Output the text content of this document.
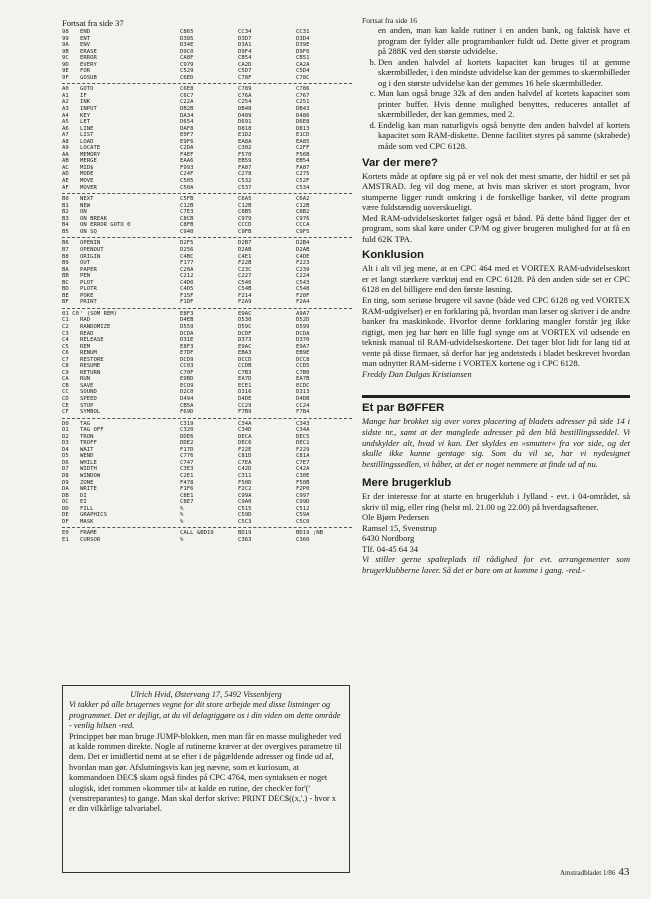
Fortsat fra side 37
98	END	C865	CC34	CC31
99	ENT	D385	D3D7	D3D4
9A	ENV	D34E	D3A1	D39E
9B	ERASE	D9C0	D9F4	D9F0
9C	ERROR	CA8F	CB54	CB51
9D	EVERY	C979	CA2D	CA2A
9E	FOR	C529	C5D7	C5D4
9F	GOSUB	C6ED	C78F	C78C
A0	GOTO	C6E8	C789	C786
A1	IF	C6C7	C76A	C767
A2	INK	C22A	C254	C251
A3	INPUT	DB2B	DB48	DB43
A4	KEY	DA34	D489	D486
A5	LET	D654	D691	D6E8
A6	LINE	DAF8	D818	D813
A7	LIST	E0F7	E1D2	E1CD
A8	LOAD	E9F6	EA8A	EA85
A9	LOCATE	C2DA	C302	C2FF
AA	MEMORY	F4EF	F570	F56B
AB	MERGE	EAA6	EB59	EB54
AC	MID$	F993	FA07	FA07
AD	MODE	C24F	C278	C275
AE	MOVE	C505	C532	C52F
AF	MOVER	C50A	C537	C534
B0	NEXT	C5FB	C6A5	C6A2
B1	NEW	C12B	C12B	C12B
B2	ON	C7E3	C8B5	C8B2
B3	ON BREAK	C8CB	C979	C976
B4	ON ERROR GOTO 0	C8FB	CCCD	CCCA
B5	ON SQ	C940	C9FB	C9F5
B6	OPENIN	D2F5	D2B7	D2B4
B7	OPENOUT	D256	D2AB	D2AB
B8	ORIGIN	C4BC	C4E1	C4DE
B9	OUT	F177	F22B	F223
BA	PAPER	C20A	C23C	C239
BB	PEN	C212	C227	C224
BC	PLOT	C4D0	C546	C543
BD	PLOTR	C4D5	C54B	C548
BE	POKE	F15F	F214	F20F
BF	PRINT	F1DF	F2A9	F2A4
01 C0 ' (SOM REM)	E8F3	E9AC	A9A7
C1	RAD	D4EB	D530	D52D
C2	RANDOMIZE	D559	D59C	D599
C3	READ	DCDA	DCDF	DCDA
C4	RELEASE	D31E	D373	D370
C5	REM	E8F3	E9AC	E9A7
C6	RENUM	E7DF	EBA3	EB9E
C7	RESTORE	DCD9	DCCD	DCC8
C8	RESUME	CC03	CCDB	CCD5
C9	RETURN	C70F	C7B3	C7B0
CA	RUN	E9BD	EA7D	EA7B
CB	SAVE	ECO9	ECE1	ECDC
CC	SOUND	D2C0	D316	D313
CD	SPEED	D494	D4DE	D4DB
CE	STOP	CB5A	CC29	CC24
CF	SYMBOL	F69D	F7B9	F7B4
D0	TAG	C319	C34A	C343
D1	TAG OFF	C320	C34D	C34A
D2	TRON	DDE6	DECA	DEC5
D3	TROFF	DDE2	DEC6	DEC1
D4	WAIT	F17D	F22E	F229
D5	WEND	C776	C81D	C81A
D6	WHILE	C747	C7EA	C7E7
D7	WIDTH	C3E3	C42D	C42A
D8	WINDOW	C2E1	C311	C30E
D9	ZONE	F478	F50D	F50B
DA	WRITE	F1F6	F2C2	F2P0
DB	DI	C8E1	C99A	C997
DC	EI	C8E7	C9A0	C99D
DD	FILL	%	C515	C512
DE	GRAPHICS	%	C59D	C59A
DF	MASK	%	C5C3	C5C0
E0	FRAME	CALL &BD19	BD19	BD19 ;NB
E1	CURSOR	%	C363	C360

Ulrich Hvid, Østervang 17, 5492 Vissenbjerg

Vi takker på alle brugernes vegne for dit store arbejde med disse listninger og programmet. Det er dejligt, at du vil delagtiggøre os i din viden om dette område - venlig hilsen -red.

Princippet bør man bruge JUMP-blokken, men man får en masse muligheder ved at kalde rommen direkte. Nogle af rutinerne kræver at der overgives parametre til dem. Det er imidlertid nemt at se efter i de pågældende adresser og finde ud af, hvordan man gør. Afslutningsvis kan jeg nævne, som et kuriosum, at kommandoen DEC$ skam også findes på CPC 4764, men syntaksen er noget ulogisk, idet rommen »kommer til« at kalde en rutine, der check'er for'(' (venstreparantes) to gange. Man skal derfor skrive: PRINT DEC$((x,'.) - hvor x er din vilkårlige talvariabel.

Fortsat fra side 16

en anden, man kan kalde rutiner i en anden bank, og faktisk have et program der fylder alle programbanker fuldt ud. Dette giver et program på 288K ved den største udvidelse.

b. Den anden halvdel af kortets kapacitet kan bruges til at gemme skærmbilleder, i den mindste udvidelse kan der gemmes to skærmbilleder og i den største udvidelse kan der gemmes 16 hele skærmbilleder.
c. Man kan også bruge 32k af den anden halvdel af kortets kapacitet som printer buffer. Hvis denne mulighed benyttes, reduceres antallet af skærmbilleder, der kan gemmes, med 2.
d. Endelig kan man naturligvis også benytte den anden halvdel af kortets kapacitet som RAM-diskette. Denne facilitet styres på samme (skrabede) måde som ved CPC 6128.
Var der mere?

Kortets måde at opføre sig på er vel nok det mest smarte, der hidtil er set på AMSTRAD. Jeg vil dog mene, at hvis man skriver et stort program, hvor stumperne ligger rundt omkring i de forskellige banker, vil dette program være fuldstændig uoverskueligt.

Med RAM-udvidelseskortet følger også et bånd. På dette bånd ligger der et program, som skal køre under CP/M og giver brugeren mulighed for at få en fuld 62K TPA.

Konklusion

Alt i alt vil jeg mene, at en CPC 464 med et VORTEX RAM-udvidelseskort er et langt stærkere værktøj end en CPC 6128. På den anden side set er CPC 6128 en del billigere end den første løsning.

En ting, som seriøse brugere vil savne (både ved CPC 6128 og ved VORTEX RAM-udgivelser) er en forklaring på, hvordan man læser og skriver i de andre banker fra maskinkode. Hvorfor denne forklaring mangler forstår jeg ikke rigtigt, men jeg har hørt en lille fugl synge om at VORTEX vil udsende en teknisk manual til RAM-udvidelseskortene. Det tager blot lidt for lang tid at vente på disse firmaer, så derfor har jeg andetsteds i bladet beskrevet hvordan man udnytter RAM-siderne i VORTEX kortene og i CPC 6128.

Freddy Dan Dalgas Kristiansen

Et par BØFFER

Mange har brokket sig over vores placering af bladets adresser på side 14 i sidste nr., samt at der manglede adresser på den blå bestillingsseddel. Vi undskylder alt, hvad vi kan. Det skyldes en »smutter« fra vor side, og det skulle ikke kunne gentage sig. Som du vil se, har vi nydesignet bestillingssedlen, vi håber, at det er noget nemmere at finde ud af nu.

Mere brugerklub

Er der interesse for at starte en brugerklub i Jylland - evt. i 04-området, så skriv til mig, eller ring (helst ml. 21.00 og 22.00) på hverdagsaftener.

Ole Bjørn Pedersen

Ramsel 15, Svenstrup

6430 Nordborg

Tlf. 04-45 64 34

Vi stiller gerne spalteplads til rådighed for evt. arrangementer som brugerklubberne laver. Så det er bare om at komme i gang. -red.-

Amstradbladet 1/86 43
